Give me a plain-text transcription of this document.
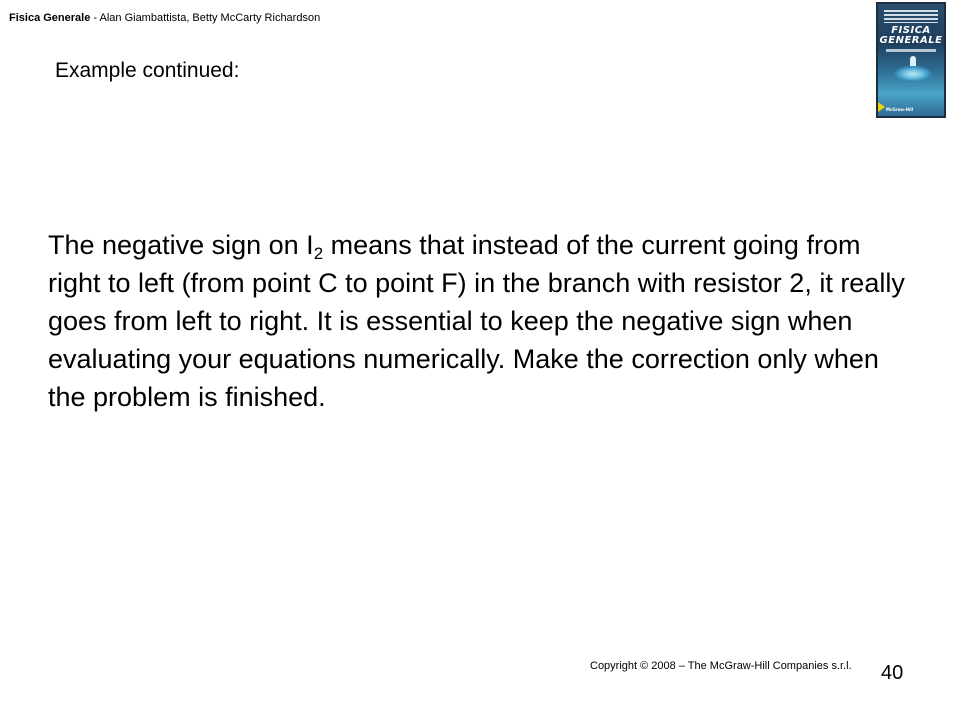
Fisica Generale - Alan Giambattista, Betty McCarty Richardson
FISICA
GENERALE
McGraw-Hill
Example continued:
The negative sign on $I_2$ means that instead of the current going from right to left (from point C to point F) in the branch with resistor 2, it really goes from left to right. It is essential to keep the negative sign when evaluating your equations numerically. Make the correction only when the problem is finished.
Copyright © 2008 – The McGraw-Hill Companies s.r.l. 40
